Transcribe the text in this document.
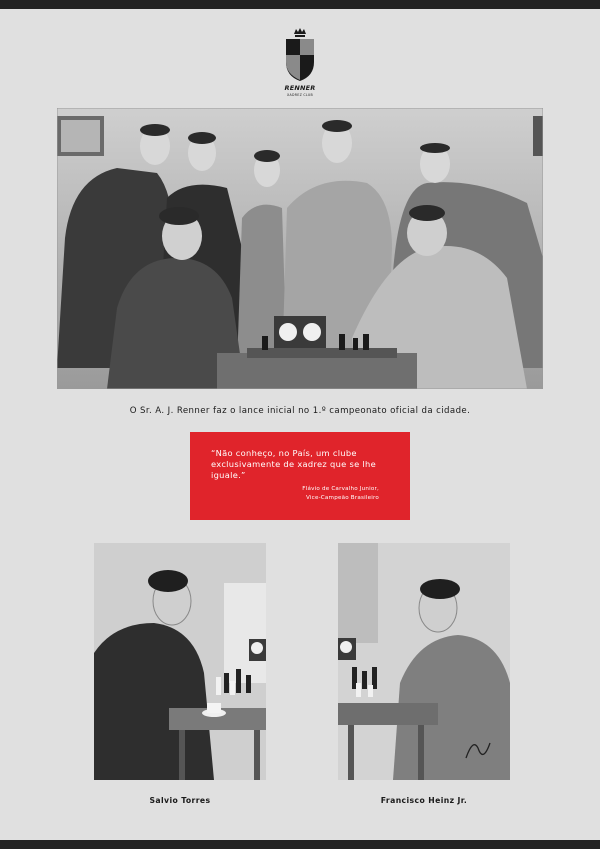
RENNER
XADREZ CLUB
O Sr. A. J. Renner faz o lance inicial no 1.º campeonato oficial da cidade.
“Não conheço, no País, um clube exclusivamente de xadrez que se lhe iguale.”
Flávio de Carvalho Junior,
Vice-Campeão Brasileiro
Salvio Torres	Francisco Heinz Jr.
